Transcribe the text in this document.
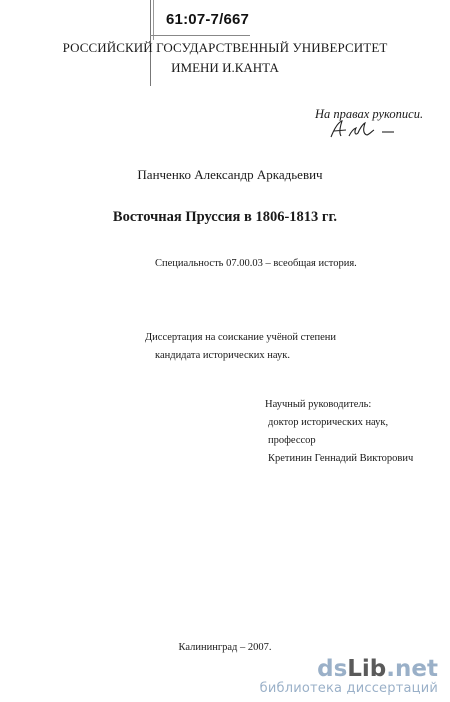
61:07-7/667
РОССИЙСКИЙ ГОСУДАРСТВЕННЫЙ УНИВЕРСИТЕТ
ИМЕНИ И.КАНТА
На правах рукописи.
Панченко Александр Аркадьевич
Восточная Пруссия в 1806-1813 гг.
Специальность 07.00.03 – всеобщая история.
Диссертация на соискание учёной степени
кандидата исторических наук.
Научный руководитель:
доктор исторических наук,
профессор
Кретинин Геннадий Викторович
Калининград – 2007.
dsLib.net
библиотека диссертаций
